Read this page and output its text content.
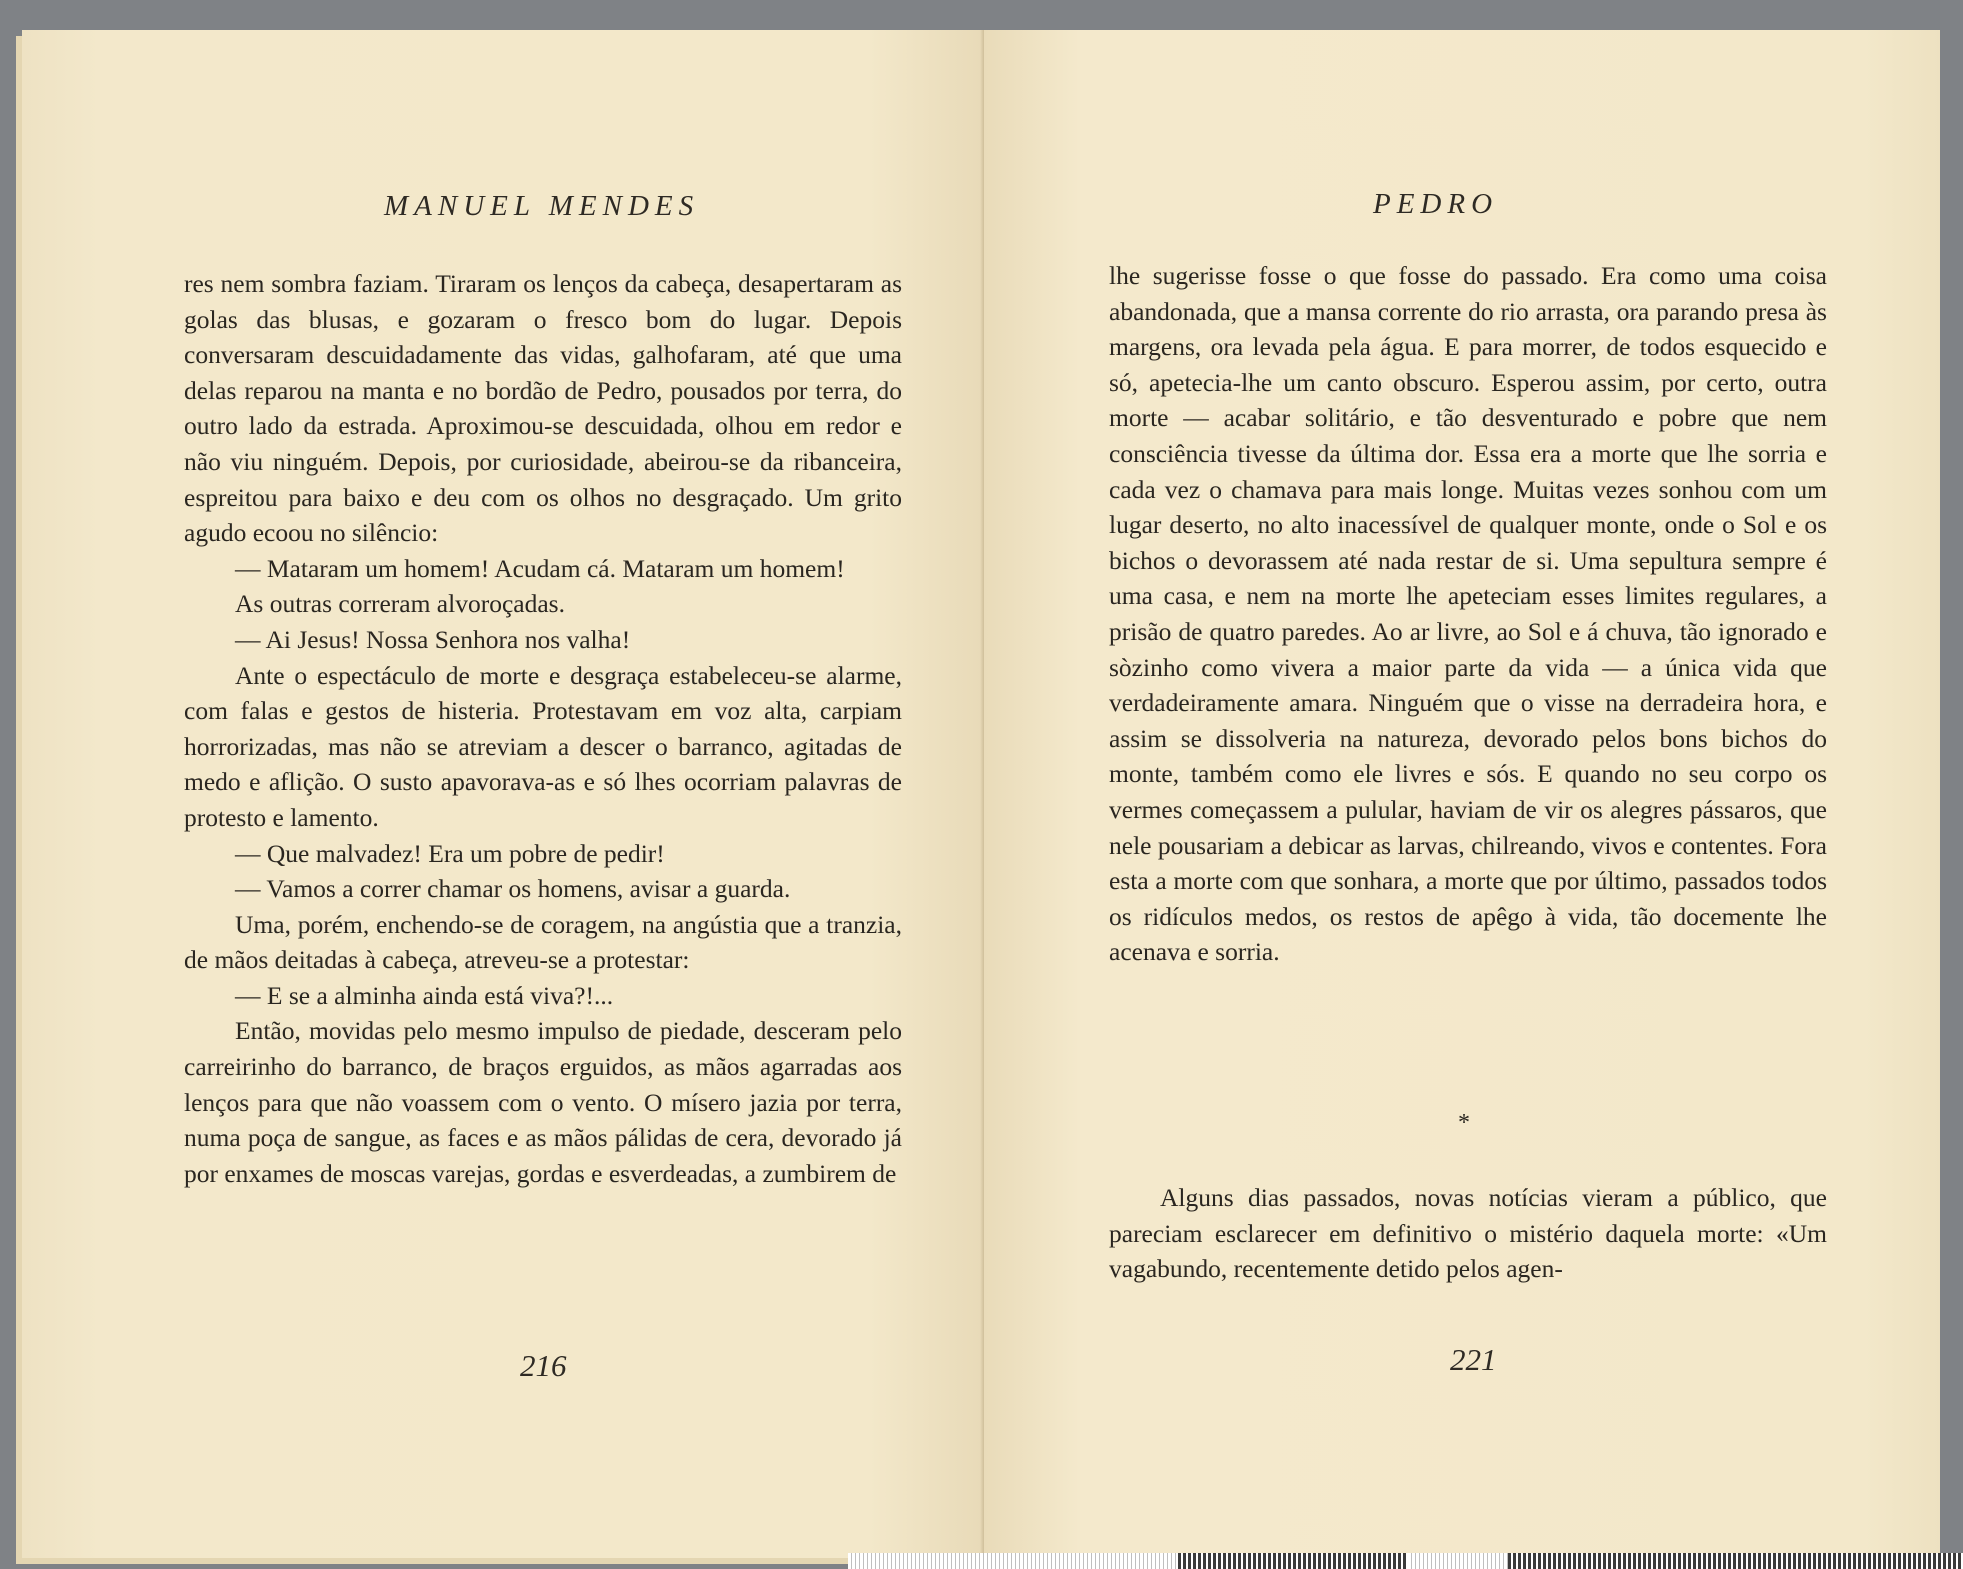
MANUEL MENDES

res nem sombra faziam. Tiraram os lenços da cabeça, desapertaram as golas das blusas, e gozaram o fresco bom do lugar. Depois conversaram descuidadamente das vidas, galhofaram, até que uma delas reparou na manta e no bordão de Pedro, pousados por terra, do outro lado da estrada. Aproximou-se descuidada, olhou em redor e não viu ninguém. Depois, por curiosidade, abeirou-se da ribanceira, espreitou para baixo e deu com os olhos no desgraçado. Um grito agudo ecoou no silêncio:

— Mataram um homem! Acudam cá. Mataram um homem!

As outras correram alvoroçadas.

— Ai Jesus! Nossa Senhora nos valha!

Ante o espectáculo de morte e desgraça estabeleceu-se alarme, com falas e gestos de histeria. Protestavam em voz alta, carpiam horrorizadas, mas não se atreviam a descer o barranco, agitadas de medo e aflição. O susto apavorava-as e só lhes ocorriam palavras de protesto e lamento.

— Que malvadez! Era um pobre de pedir!

— Vamos a correr chamar os homens, avisar a guarda.

Uma, porém, enchendo-se de coragem, na angústia que a tranzia, de mãos deitadas à cabeça, atreveu-se a protestar:

— E se a alminha ainda está viva?!...

Então, movidas pelo mesmo impulso de piedade, desceram pelo carreirinho do barranco, de braços erguidos, as mãos agarradas aos lenços para que não voassem com o vento. O mísero jazia por terra, numa poça de sangue, as faces e as mãos pálidas de cera, devorado já por enxames de moscas varejas, gordas e esverdeadas, a zumbirem de

216
PEDRO

lhe sugerisse fosse o que fosse do passado. Era como uma coisa abandonada, que a mansa corrente do rio arrasta, ora parando presa às margens, ora levada pela água. E para morrer, de todos esquecido e só, apetecia-lhe um canto obscuro. Esperou assim, por certo, outra morte — acabar solitário, e tão desventurado e pobre que nem consciência tivesse da última dor. Essa era a morte que lhe sorria e cada vez o chamava para mais longe. Muitas vezes sonhou com um lugar deserto, no alto inacessível de qualquer monte, onde o Sol e os bichos o devorassem até nada restar de si. Uma sepultura sempre é uma casa, e nem na morte lhe apeteciam esses limites regulares, a prisão de quatro paredes. Ao ar livre, ao Sol e á chuva, tão ignorado e sòzinho como vivera a maior parte da vida — a única vida que verdadeiramente amara. Ninguém que o visse na derradeira hora, e assim se dissolveria na natureza, devorado pelos bons bichos do monte, também como ele livres e sós. E quando no seu corpo os vermes começassem a pulular, haviam de vir os alegres pássaros, que nele pousariam a debicar as larvas, chilreando, vivos e contentes. Fora esta a morte com que sonhara, a morte que por último, passados todos os ridículos medos, os restos de apêgo à vida, tão docemente lhe acenava e sorria.

*

Alguns dias passados, novas notícias vieram a público, que pareciam esclarecer em definitivo o mistério daquela morte: «Um vagabundo, recentemente detido pelos agen-

221
